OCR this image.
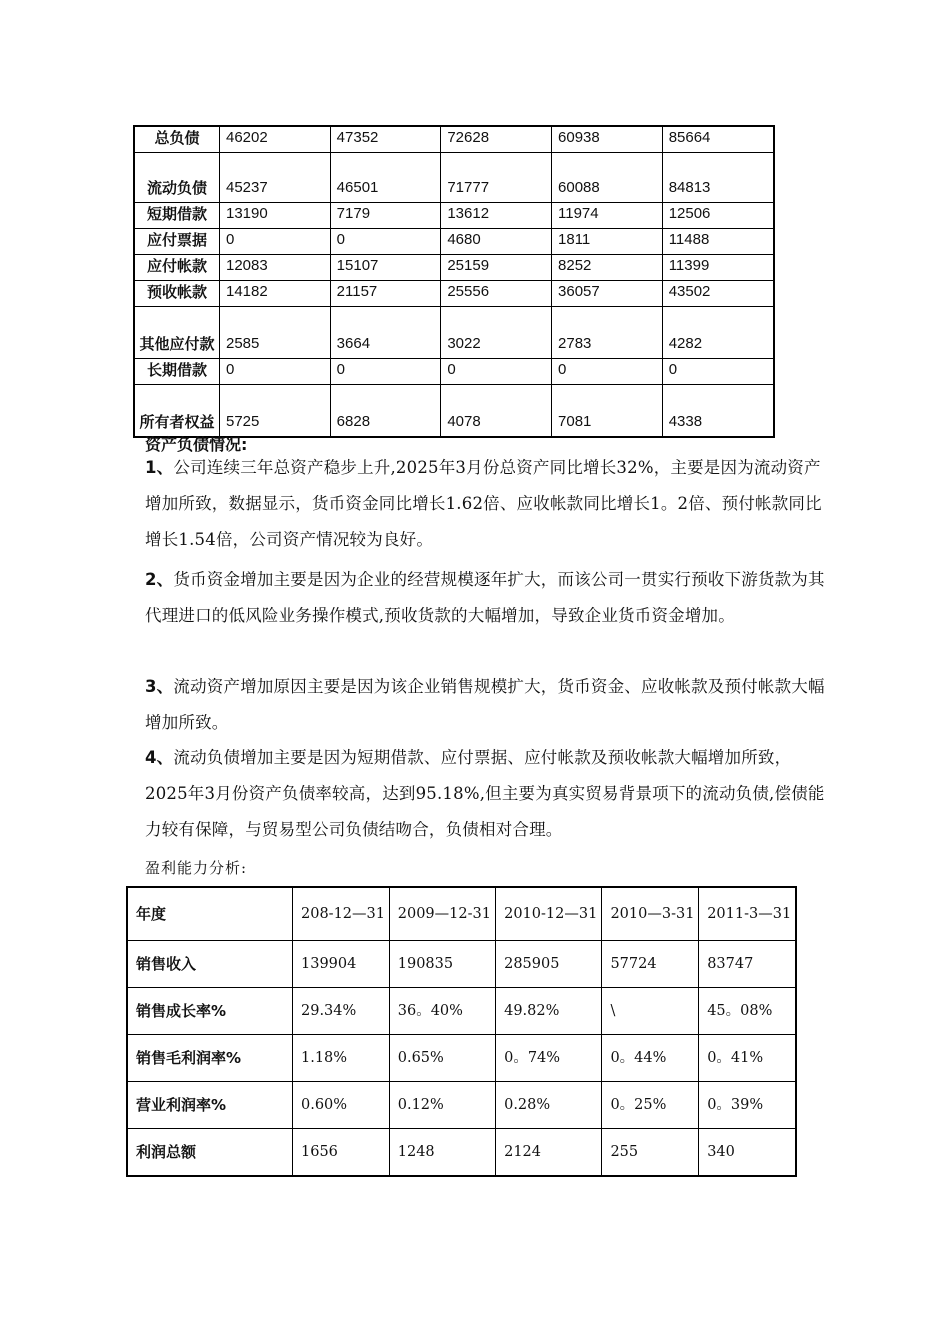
总负债	46202	47352	72628	60938	85664
流动负债	45237	46501	71777	60088	84813
短期借款	13190	7179	13612	11974	12506
应付票据	0	0	4680	1811	11488
应付帐款	12083	15107	25159	8252	11399
预收帐款	14182	21157	25556	36057	43502
其他应付款	2585	3664	3022	2783	4282
长期借款	0	0	0	0	0
所有者权益	5725	6828	4078	7081	4338

资产负债情况:

1、公司连续三年总资产稳步上升,2025年3月份总资产同比增长32%，主要是因为流动资产增加所致，数据显示，货币资金同比增长1.62倍、应收帐款同比增长1。2倍、预付帐款同比增长1.54倍，公司资产情况较为良好。

2、货币资金增加主要是因为企业的经营规模逐年扩大，而该公司一贯实行预收下游货款为其代理进口的低风险业务操作模式,预收货款的大幅增加，导致企业货币资金增加。

3、流动资产增加原因主要是因为该企业销售规模扩大，货币资金、应收帐款及预付帐款大幅增加所致。

4、流动负债增加主要是因为短期借款、应付票据、应付帐款及预收帐款大幅增加所致， 2025年3月份资产负债率较高，达到95.18%,但主要为真实贸易背景项下的流动负债,偿债能力较有保障，与贸易型公司负债结吻合，负债相对合理。

盈利能力分析:

年度	208-12—31	2009—12-31	2010-12—31	2010—3-31	2011-3—31
销售收入	139904	190835	285905	57724	83747
销售成长率%	29.34%	36。40%	49.82%	\	45。08%
销售毛利润率%	1.18%	0.65%	0。74%	0。44%	0。41%
营业利润率%	0.60%	0.12%	0.28%	0。25%	0。39%
利润总额	1656	1248	2124	255	340
